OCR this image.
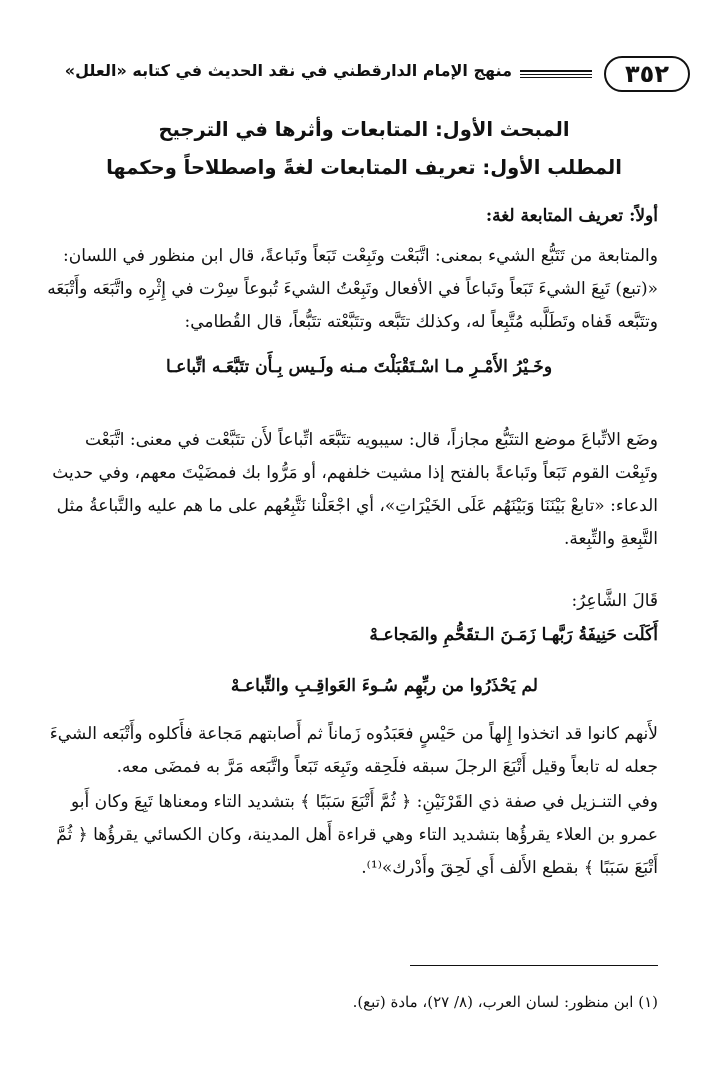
٣٥٢
منهج الإمام الدارقطني في نقد الحديث في كتابه «العلل»
المبحث الأول: المتابعات وأثرها في الترجيح
المطلب الأول: تعريف المتابعات لغةً واصطلاحاً وحكمها
أولاً: تعريف المتابعة لغة:
والمتابعة من تَتَبُّع الشيء بمعنى: اتَّبَعْت وتَبِعْت تَبَعاً وتَباعةً، قال ابن منظور في اللسان:
«(تبع) تَبِعَ الشيءَ تَبَعاً وتَباعاً في الأفعال وتَبِعْتُ الشيءَ تُبوعاً سِرْت في إِثْرِه واتَّبَعَه وأَتْبَعَه
وتتَبَّعه قَفاه وتَطَلَّبه مُتَّبِعاً له، وكذلك تتَبَّعه وتتَبَّعْته تتَبُّعاً، قال القُطامي:
وخَـيْرُ الأَمْـرِ مـا اسْـتَقْبَلْتَ مـنه ولَـيس بِـأَن تتَبَّعَـه اتِّباعـا
وضَع الاتِّباعَ موضع التتَبُّع مجازاً، قال: سيبويه تتَبَّعَه اتِّباعاً لأَن تتَبَّعْت في معنى: اتَّبَعْت
وتَبِعْت القوم تَبَعاً وتَباعةً بالفتح إذا مشيت خلفهم، أو مَرُّوا بك فمضَيْتَ معهم، وفي حديث
الدعاء: «تابعْ بَيْنَنَا وَبَيْنَهُم عَلَى الخَيْرَاتِ»، أي اجْعَلْنا نَتَّبِعُهم على ما هم عليه والتَّباعةُ مثل
التَّبِعةِ والتِّبِعة.
قَالَ الشَّاعِرُ:
أَكَلَت حَنِيفَةُ رَبَّهـا زَمَـنَ الـتقَحُّمِ والمَجاعـهْ
لم يَحْذَرُوا من ربِّهِم سُـوءَ العَواقِـبِ والتِّباعـهْ
لأَنهم كانوا قد اتخذوا إِلهاً من حَيْسٍ فعَبَدُوه زَماناً ثم أَصابتهم مَجاعة فأَكلوه وأَتْبَعه الشيءَ
جعله له تابعاً وقيل أَتْبَعَ الرجلَ سبقه فلَحِقه وتَبِعَه تَبَعاً واتَّبَعه مَرَّ به فمضَى معه.
وفي التنـزيل في صفة ذي القَرْنَيْنِ: ﴿ ثُمَّ أَتْبَعَ سَبَبًا ﴾ بتشديد التاء ومعناها تَبِعَ وكان أَبو
عمرو بن العلاء يقرؤُها بتشديد التاء وهي قراءة أَهل المدينة، وكان الكسائي يقرؤُها ﴿ ثُمَّ
أَتْبَعَ سَبَبًا ﴾ بقطع الأَلف أَي لَحِقَ وأَدْرك»⁽¹⁾.
(١) ابن منظور: لسان العرب، (٨/ ٢٧)، مادة (تبع).
